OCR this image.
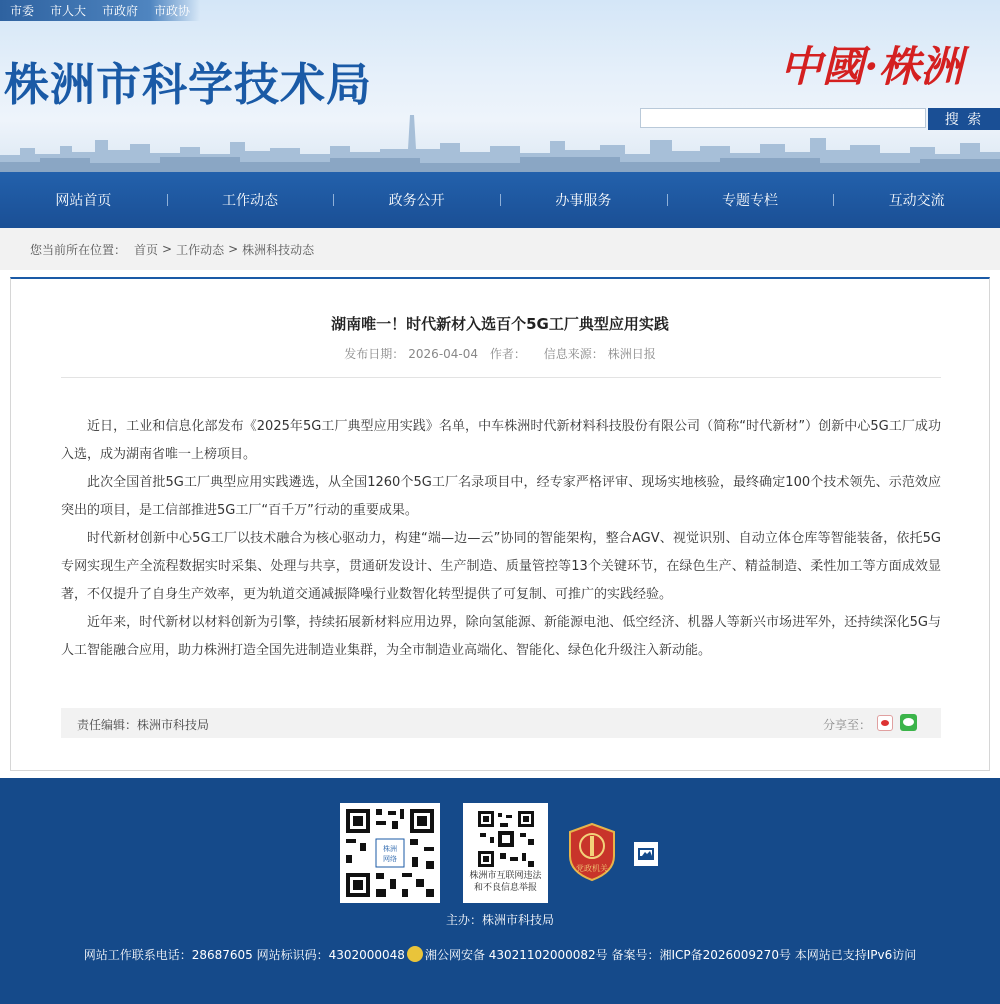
市委	市人大	市政府	市政协
株洲市科学技术局	中國·株洲
搜 索
网站首页	工作动态	政务公开	办事服务	专题专栏	互动交流
您当前所在位置： 首页 > 工作动态 > 株洲科技动态
湖南唯一！时代新材入选百个5G工厂典型应用实践
发布日期： 2026-04-04 作者： 信息来源： 株洲日报

近日，工业和信息化部发布《2025年5G工厂典型应用实践》名单，中车株洲时代新材料科技股份有限公司（简称“时代新材”）创新中心5G工厂成功入选，成为湖南省唯一上榜项目。

此次全国首批5G工厂典型应用实践遴选，从全国1260个5G工厂名录项目中，经专家严格评审、现场实地核验，最终确定100个技术领先、示范效应突出的项目，是工信部推进5G工厂“百千万”行动的重要成果。

时代新材创新中心5G工厂以技术融合为核心驱动力，构建“端—边—云”协同的智能架构，整合AGV、视觉识别、自动立体仓库等智能装备，依托5G专网实现生产全流程数据实时采集、处理与共享，贯通研发设计、生产制造、质量管控等13个关键环节，在绿色生产、精益制造、柔性加工等方面成效显著，不仅提升了自身生产效率，更为轨道交通减振降噪行业数智化转型提供了可复制、可推广的实践经验。

近年来，时代新材以材料创新为引擎，持续拓展新材料应用边界，除向氢能源、新能源电池、低空经济、机器人等新兴市场进军外，还持续深化5G与人工智能融合应用，助力株洲打造全国先进制造业集群，为全市制造业高端化、智能化、绿色化升级注入新动能。

责任编辑：株洲市科技局	分享至：
株洲
网络
株洲市互联网违法
和不良信息举报
党政机关
主办：株洲市科技局
网站工作联系电话：28687605 网站标识码：4302000048 湘公网安备 43021102000082号 备案号：湘ICP备2026009270号 本网站已支持IPv6访问
